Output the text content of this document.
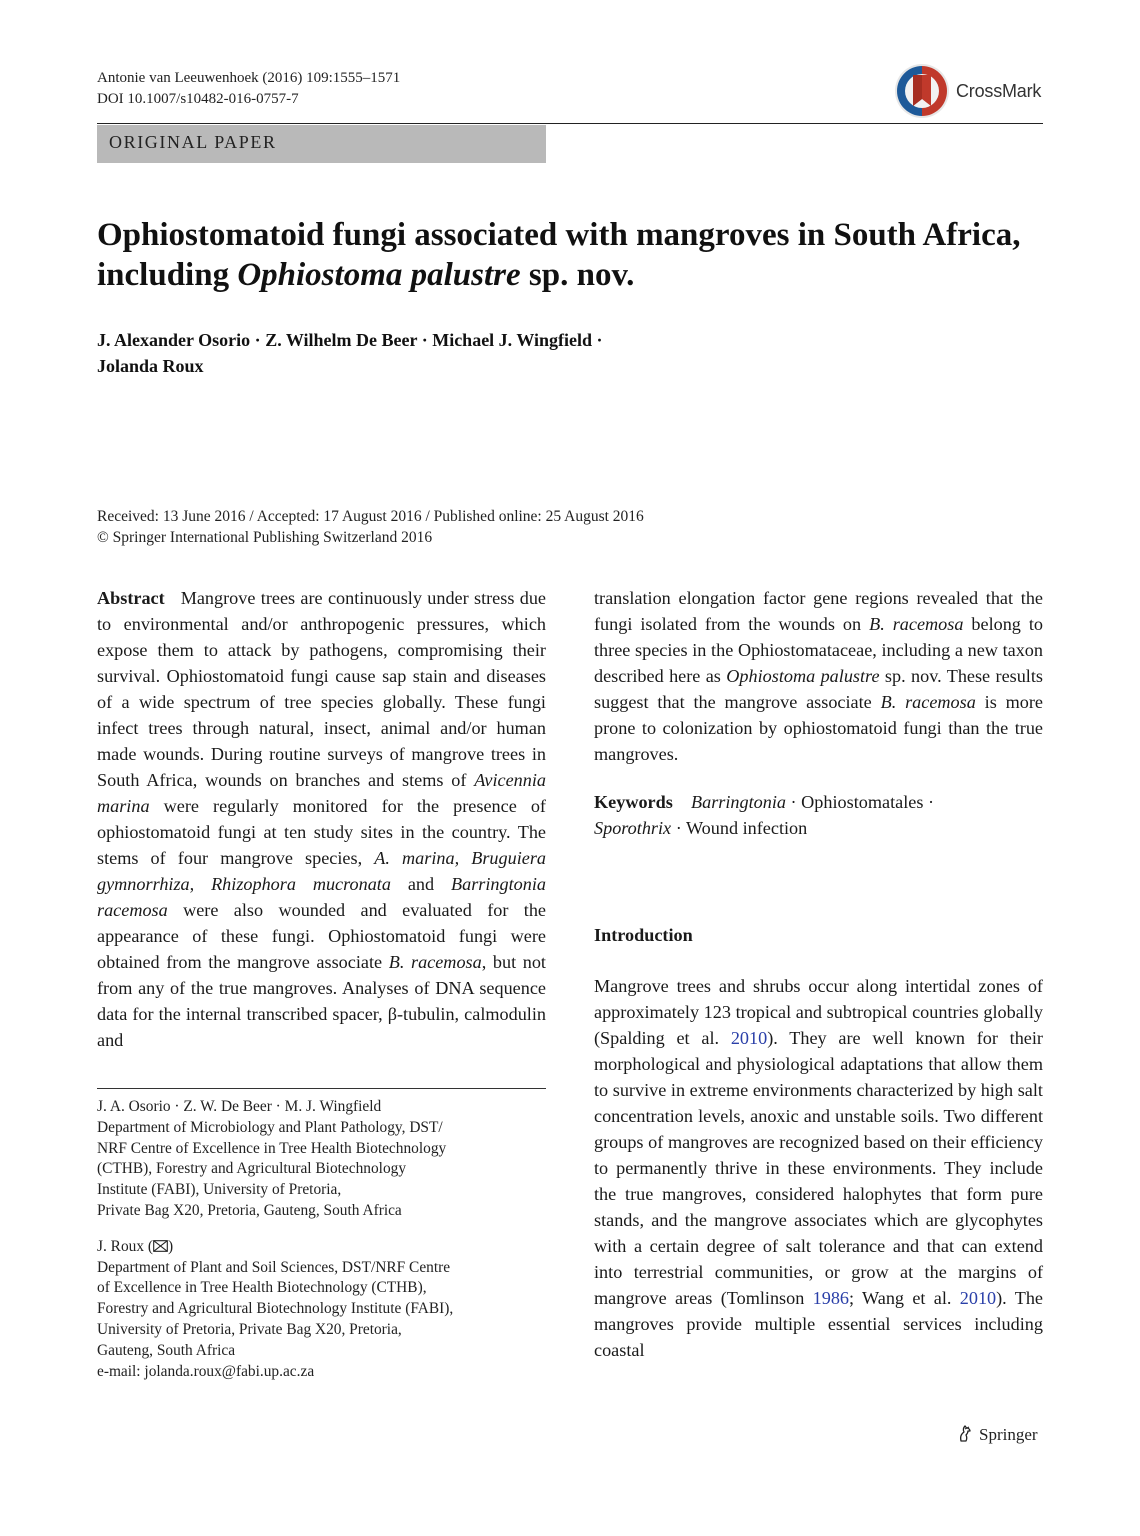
Antonie van Leeuwenhoek (2016) 109:1555–1571
DOI 10.1007/s10482-016-0757-7	CrossMark
ORIGINAL PAPER
Ophiostomatoid fungi associated with mangroves in South Africa, including Ophiostoma palustre sp. nov.
J. Alexander Osorio · Z. Wilhelm De Beer · Michael J. Wingfield ·
Jolanda Roux
Received: 13 June 2016 / Accepted: 17 August 2016 / Published online: 25 August 2016
© Springer International Publishing Switzerland 2016

Abstract Mangrove trees are continuously under stress due to environmental and/or anthropogenic pressures, which expose them to attack by pathogens, compromising their survival. Ophiostomatoid fungi cause sap stain and diseases of a wide spectrum of tree species globally. These fungi infect trees through natural, insect, animal and/or human made wounds. During routine surveys of mangrove trees in South Africa, wounds on branches and stems of Avicennia marina were regularly monitored for the presence of ophiostomatoid fungi at ten study sites in the country. The stems of four mangrove species, A. marina, Bruguiera gymnorrhiza, Rhizophora mucronata and Barringtonia racemosa were also wounded and evaluated for the appearance of these fungi. Ophiostomatoid fungi were obtained from the mangrove associate B. racemosa, but not from any of the true mangroves. Analyses of DNA sequence data for the internal transcribed spacer, β-tubulin, calmodulin and

translation elongation factor gene regions revealed that the fungi isolated from the wounds on B. racemosa belong to three species in the Ophiostomataceae, including a new taxon described here as Ophiostoma palustre sp. nov. These results suggest that the mangrove associate B. racemosa is more prone to colonization by ophiostomatoid fungi than the true mangroves.

Keywords Barringtonia · Ophiostomatales ·
Sporothrix · Wound infection

Introduction

Mangrove trees and shrubs occur along intertidal zones of approximately 123 tropical and subtropical countries globally (Spalding et al. 2010). They are well known for their morphological and physiological adaptations that allow them to survive in extreme environments characterized by high salt concentration levels, anoxic and unstable soils. Two different groups of mangroves are recognized based on their efficiency to permanently thrive in these environments. They include the true mangroves, considered halophytes that form pure stands, and the mangrove associates which are glycophytes with a certain degree of salt tolerance and that can extend into terrestrial communities, or grow at the margins of mangrove areas (Tomlinson 1986; Wang et al. 2010). The mangroves provide multiple essential services including coastal

J. A. Osorio · Z. W. De Beer · M. J. Wingfield

Department of Microbiology and Plant Pathology, DST/

NRF Centre of Excellence in Tree Health Biotechnology

(CTHB), Forestry and Agricultural Biotechnology

Institute (FABI), University of Pretoria,

Private Bag X20, Pretoria, Gauteng, South Africa

J. Roux ( )

Department of Plant and Soil Sciences, DST/NRF Centre

of Excellence in Tree Health Biotechnology (CTHB),

Forestry and Agricultural Biotechnology Institute (FABI),

University of Pretoria, Private Bag X20, Pretoria,

Gauteng, South Africa

e-mail: jolanda.roux@fabi.up.ac.za

Springer
